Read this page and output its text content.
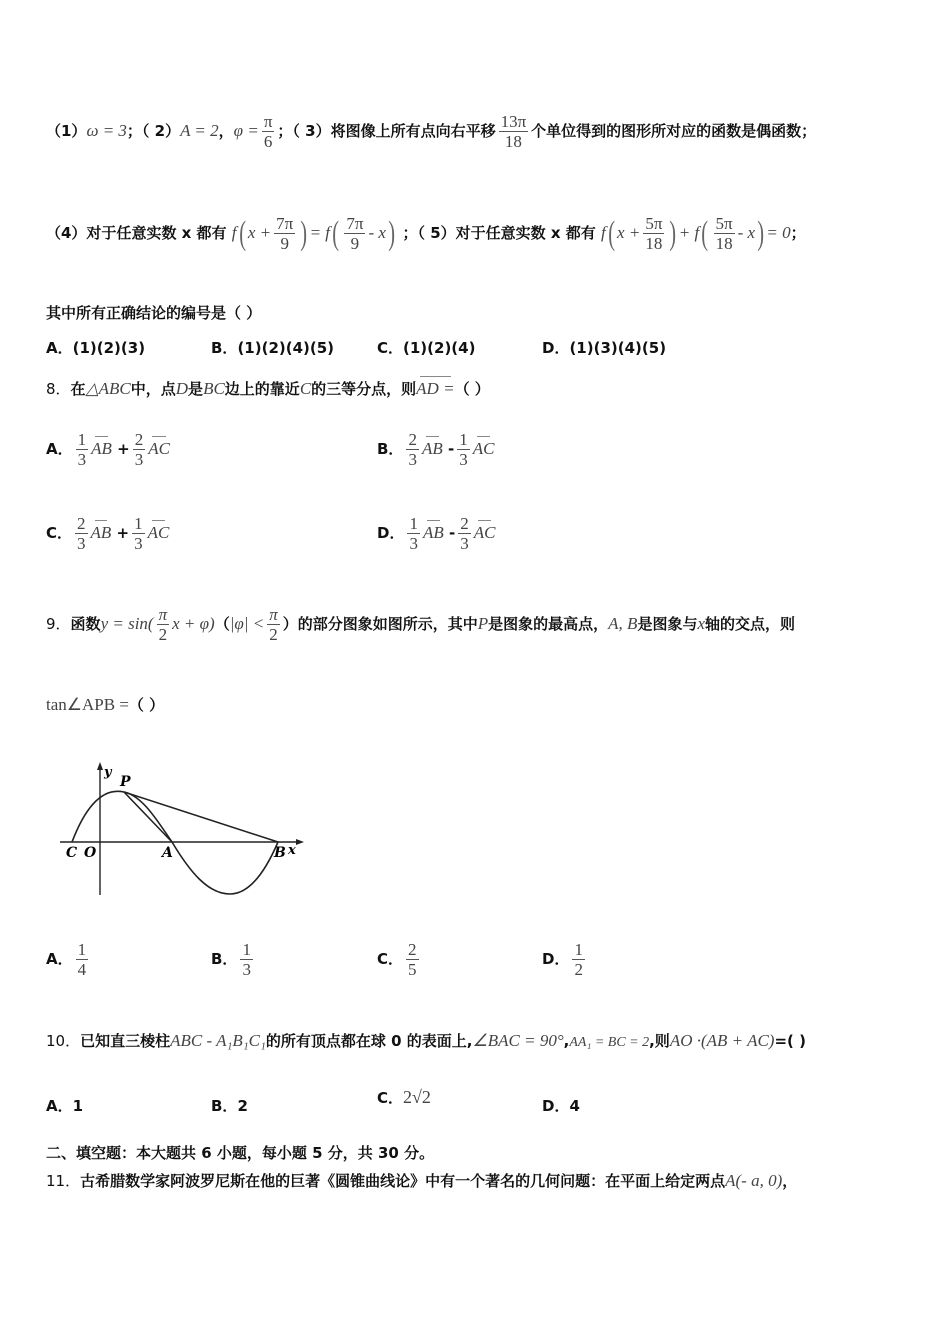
（1）ω = 3；（ 2）A = 2，$\varphi = \frac{\pi}{6}$ ；（ 3）将图像上所有点向右平移 $\frac{13\pi}{18}$ 个单位得到的图形所对应的函数是偶函数；
（4）对于任意实数 x 都有 f( $x + \frac{7\pi}{9}$ ) = $f( \frac{7\pi}{9} - x)$ ；（ 5）对于任意实数 x 都有 f( $x + \frac{5\pi}{18}$ ) + $f( \frac{5\pi}{18} - x) = 0$；
其中所有正确结论的编号是（ ）
A．(1)(2)(3)	B．(1)(2)(4)(5)	C．(1)(2)(4)	D．(1)(3)(4)(5)
8．在△ABC中，点D是BC边上的靠近C的三等分点，则AD =（ ）
A． $\frac{1}{3}$ AB + $\frac{2}{3}$ AC	B． $\frac{2}{3}$ AB - $\frac{1}{3}$ AC
C． $\frac{2}{3}$ AB + $\frac{1}{3}$ AC	D． $\frac{1}{3}$ AB - $\frac{2}{3}$ AC
9．函数$y = \sin( \frac{\pi}{2}$ $x + \varphi)(|\varphi| < \frac{\pi}{2}$ ）的部分图象如图所示，其中P是图象的最高点，A, B是图象与x轴的交点，则
tan∠APB =（ ）
y
P
C O	A	B x
A． $\frac{1}{4}$	B． $\frac{1}{3}$	C． $\frac{2}{5}$	D． $\frac{1}{2}$
10．已知直三棱柱ABC - A₁B₁C₁的所有顶点都在球 0 的表面上,∠BAC = 90°,AA₁ = BC = 2,则AO ·(AB + AC)=( )
A．1	B．2	C．2√2	D．4
二、填空题：本大题共 6 小题，每小题 5 分，共 30 分。
11．古希腊数学家阿波罗尼斯在他的巨著《圆锥曲线论》中有一个著名的几何问题：在平面上给定两点A(- a, 0)，
